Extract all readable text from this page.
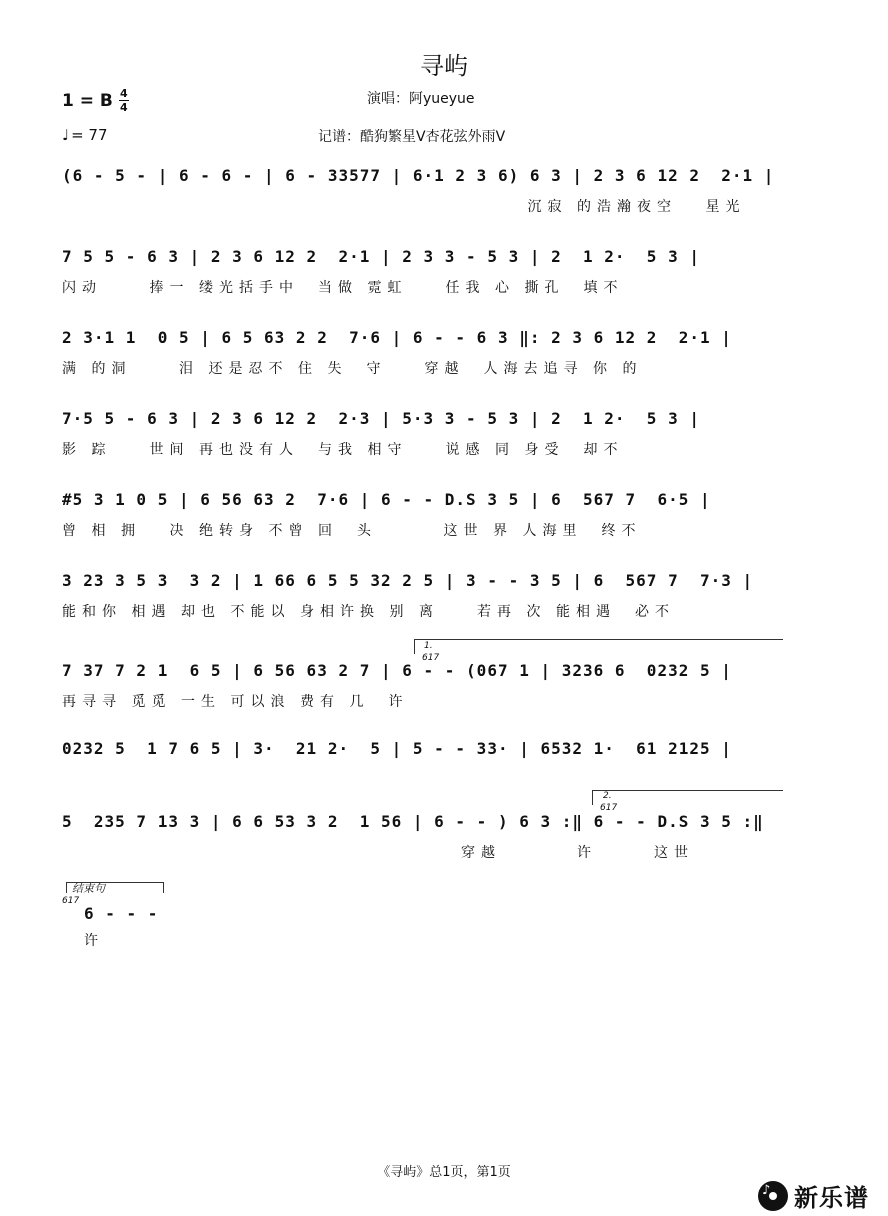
寻屿
1 = B 4
4
演唱：阿yueyue
♩ = 77	记谱：酷狗繁星V杏花弦外雨V
(6 - 5 - | 6 - 6 - | 6 - 33577 | 6·1 2 3 6) 6 3 | 2 3 6 12 2  2·1 |
沉寂 的浩瀚夜空   星光
7 5 5 - 6 3 | 2 3 6 12 2  2·1 | 2 3 3 - 5 3 | 2  1 2·  5 3 |
闪动     捧一 缕光括手中  当做 霓虹    任我 心 撕孔  填不
2 3·1 1  0 5 | 6 5 63 2 2  7·6 | 6 - - 6 3 ‖: 2 3 6 12 2  2·1 |
满 的洞     泪 还是忍不 住 失  守    穿越  人海去追寻 你 的
7·5 5 - 6 3 | 2 3 6 12 2  2·3 | 5·3 3 - 5 3 | 2  1 2·  5 3 |
影 踪    世间 再也没有人  与我 相守    说感 同 身受  却不
#5 3 1 0 5 | 6 56 63 2  7·6 | 6 - - D.S 3 5 | 6  567 7  6·5 |
曾 相 拥   决 绝转身 不曾 回  头       这世 界 人海里  终不
3 23 3 5 3  3 2 | 1 66 6 5 5 32 2 5 | 3 - - 3 5 | 6  567 7  7·3 |
能和你 相遇 却也 不能以 身相许换 别 离    若再 次 能相遇  必不
1.
617
7 37 7 2 1  6 5 | 6 56 63 2 7 | 6 - - (067 1 | 3236 6  0232 5 |
再寻寻 觅觅 一生 可以浪 费有 几  许
0232 5  1 7 6 5 | 3·  21 2·  5 | 5 - - 33· | 6532 1·  61 2125 |
2.
617
5  235 7 13 3 | 6 6 53 3 2  1 56 | 6 - - ) 6 3 :‖ 6 - - D.S 3 5 :‖
穿越        许      这世
结束句
617
6 - - -
许
《寻屿》总1页，第1页
♪
新乐谱
